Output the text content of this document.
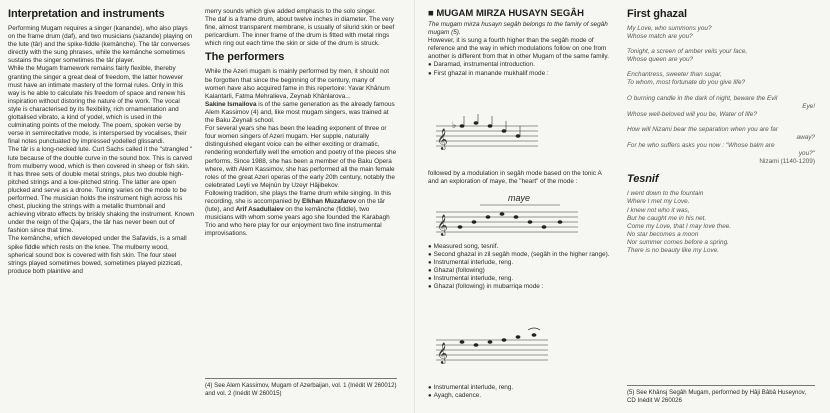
Interpretation and instruments

Performing Mugam requires a singer (kanande), who also plays on the frame drum (daf), and two musicians (sazande) playing on the lute (târ) and the spike-fiddle (kemânche). The târ converses directly with the sung phrases, while the kemânche sometimes sustains the singer sometimes the târ player.

While the Mugam framework remains fairly flexible, thereby granting the singer a great deal of freedom, the latter however must have an intimate mastery of the formal rules. Only in this way is he able to calculate his freedom of space and renew his inspiration without distoring the nature of the work. The vocal style is characterised by its flexibility, rich ornamentation and glottalised vibrato, a kind of yodel, which is used in the culminating points of the melody. The poem, spoken verse by verse in semirecitative mode, is interspersed by vocalises, their final notes punctuated by impressed yodelled glissandi.

The târ is a long-necked lute. Curt Sachs called it the "strangled " lute because of the double curve in the sound box. This is carved from mulberry wood, which is then covered in sheep or fish skin. It has three sets of double metal strings, plus two double high-pitched strings and a low-pitched string. The latter are open plucked and serve as a drone. Tuning varies on the mode to be performed. The musician holds the instrument high across his chest, plucking the strings with a metallic thumbnail and achieving vibrato effects by briskly shaking the instrument. Known under the reign of the Qajars, the târ has never been out of fashion since that time.

The kemânche, which developed under the Safavids, is a small spike fiddle which rests on the knee. The mulberry wood, spherical sound box is covered with fish skin. The four steel strings played sometimes bowed, sometimes played pizzicati, produce both plaintive and

merry sounds which give added emphasis to the solo singer.

The daf is a frame drum, about twelve inches in diameter. The very fine, almost transparent membrane, is usually of silurid skin or beef pericardium. The inner frame of the drum is fitted with metal rings which ring out each time the skin or side of the drum is struck.

The performers

While the Azeri mugam is mainly performed by men, it should not be forgotten that since the beginning of the century, many of women have also acquired fame in this repertoire: Yavar Khânum Kalantarli, Fatma Mehralieva, Zeynab Khânlarova...

Sakine Ismailova is of the same generation as the already famous Alem Kassimov (4) and, like most mugam singers, was trained at the Baku Zeynali school.

For several years she has been the leading exponent of three or four women singers of Azeri mugam. Her supple, naturally distinguished elegant voice can be either exciting or dramatic, rendering wonderfully well the emotion and poetry of the pieces she performs. Since 1988, she has been a member of the Baku Opera where, with Alem Kassimov, she has performed all the main female roles of the great Azeri operas of the early 20th century, notably the celebrated Leyli ve Mejnûn by Uzeyr Hâjibekov.

Following tradition, she plays the frame drum while singing. In this recording, she is accompanied by Elkhan Muzafarov on the târ (lute), and Arif Asadullaiev on the kemânche (fiddle), two musicians with whom some years ago she founded the Karabagh Trio and who here play for our enjoyment two fine instrumental improvisations.

(4) See Alem Kassimov, Mugam of Azerbaijan, vol. 1 (Inédit W 260012) and vol. 2 (Inédit W 260015)
■ MUGAM MIRZA HUSAYN SEGÂH

The mugam mirza husayn segâh belongs to the family of segâh mugam (5).

However, it is sung a fourth higher than the segâh mode of reference and the way in which modulations follow on one from another is different from that in other Mugam of the same family.

● Daramad, instrumental introduction.
● First ghazal in manande mukhalif mode :
𝄞
♭

followed by a modulation in segâh mode based on the tonic A and an exploration of maye, the "heart" of the mode :

maye
𝄞
● Measured song, tesnif.
● Second ghazal in zil segâh mode, (segâh in the higher range).
● Instrumental interlude, reng.
● Ghazal (following)
● Instrumental interlude, reng.
● Ghazal (following) in mubarriqa mode :
𝄞
● Instrumental interlude, reng.
● Ayagh, cadence.
First ghazal

My Love, who summons you?

Whose match are you?

Tonight, a screen of amber veils your face,

Whose queen are you?

Enchantress, sweeter than sugar,

To whom, most fortunate do you give life?

O burning candle in the dark of night, beware the Evil

Eye!

Whose well-beloved will you be, Water of life?

How will Nizami bear the separation when you are far

away?

For he who suffers asks you now : "Whose balm are

you?"

Nizami (1140-1209)

Tesnif

I went down to the fountain

Where I met my Love.

I knew not who it was,

But he caught me in his net.

Come my Love, that I may love thee.

No star becomes a moon

Nor summer comes before a spring.

There is no beauty like my Love.

(5) See Khânsj Segâh Mugam, performed by Hâji Bâbâ Huseynov, CD Inédit W 260026
